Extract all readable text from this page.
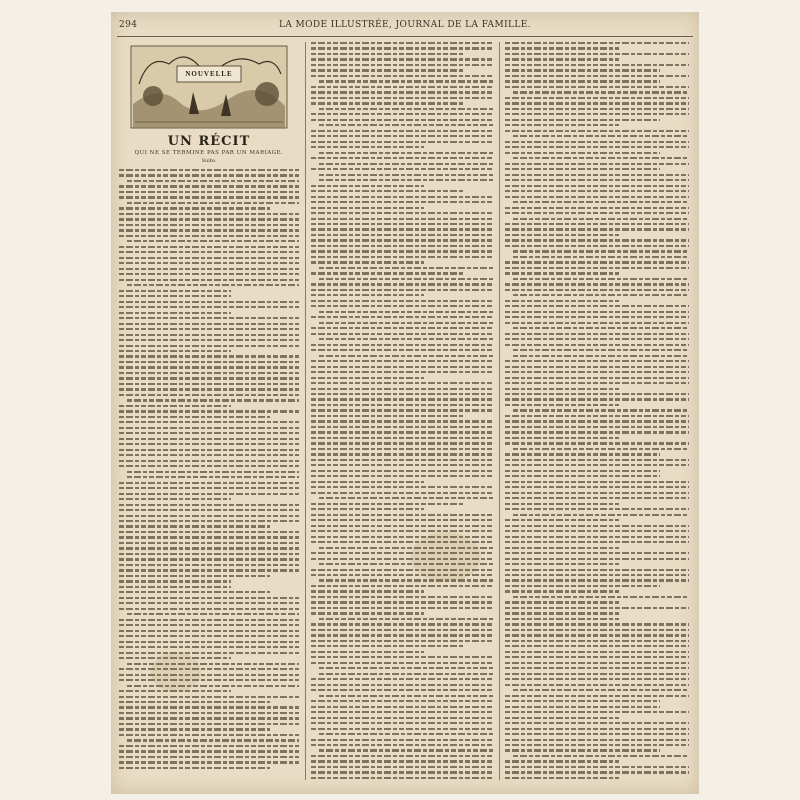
294	LA MODE ILLUSTRÉE, JOURNAL DE LA FAMILLE.
NOUVELLE
UN RÉCIT
QUI NE SE TERMINE PAS PAR UN MARIAGE.
Suite.
